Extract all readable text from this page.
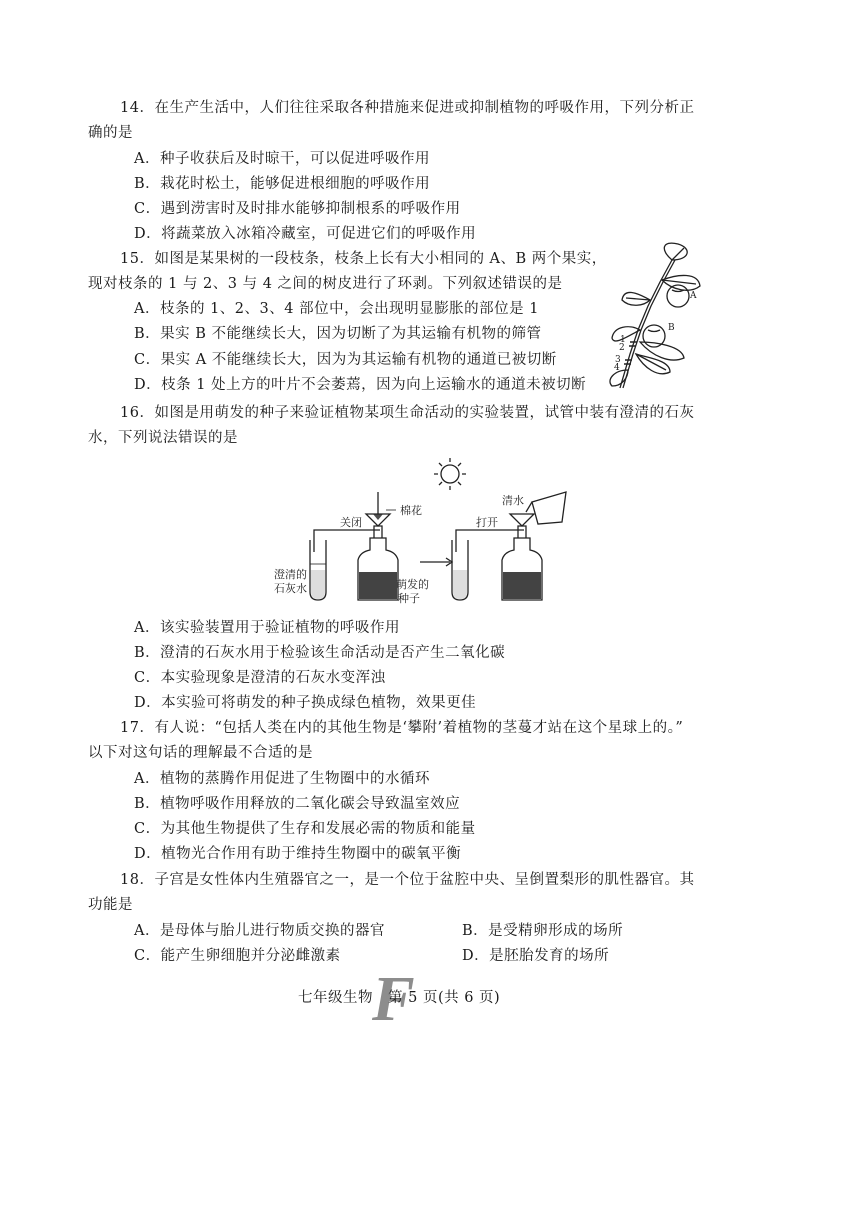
14．在生产生活中，人们往往采取各种措施来促进或抑制植物的呼吸作用，下列分析正
确的是
A．种子收获后及时晾干，可以促进呼吸作用
B．栽花时松土，能够促进根细胞的呼吸作用
C．遇到涝害时及时排水能够抑制根系的呼吸作用
D．将蔬菜放入冰箱冷藏室，可促进它们的呼吸作用
15．如图是某果树的一段枝条，枝条上长有大小相同的 A、B 两个果实，
现对枝条的 1 与 2、3 与 4 之间的树皮进行了环剥。下列叙述错误的是
A．枝条的 1、2、3、4 部位中，会出现明显膨胀的部位是 1
B．果实 B 不能继续长大，因为切断了为其运输有机物的筛管
C．果实 A 不能继续长大，因为为其运输有机物的通道已被切断
D．枝条 1 处上方的叶片不会萎蔫，因为向上运输水的通道未被切断
A
B
1
2
3
4
16．如图是用萌发的种子来验证植物某项生命活动的实验装置，试管中装有澄清的石灰
水，下列说法错误的是
关闭
棉花
打开
清水
澄清的
石灰水	萌发的
种子
A．该实验装置用于验证植物的呼吸作用
B．澄清的石灰水用于检验该生命活动是否产生二氧化碳
C．本实验现象是澄清的石灰水变浑浊
D．本实验可将萌发的种子换成绿色植物，效果更佳
17．有人说：“包括人类在内的其他生物是‘攀附’着植物的茎蔓才站在这个星球上的。”
以下对这句话的理解最不合适的是
A．植物的蒸腾作用促进了生物圈中的水循环
B．植物呼吸作用释放的二氧化碳会导致温室效应
C．为其他生物提供了生存和发展必需的物质和能量
D．植物光合作用有助于维持生物圈中的碳氧平衡
18．子宫是女性体内生殖器官之一，是一个位于盆腔中央、呈倒置梨形的肌性器官。其
功能是
A．是母体与胎儿进行物质交换的器官	B．是受精卵形成的场所
C．能产生卵细胞并分泌雌激素	D．是胚胎发育的场所
F
七年级生物　第 5 页(共 6 页)
